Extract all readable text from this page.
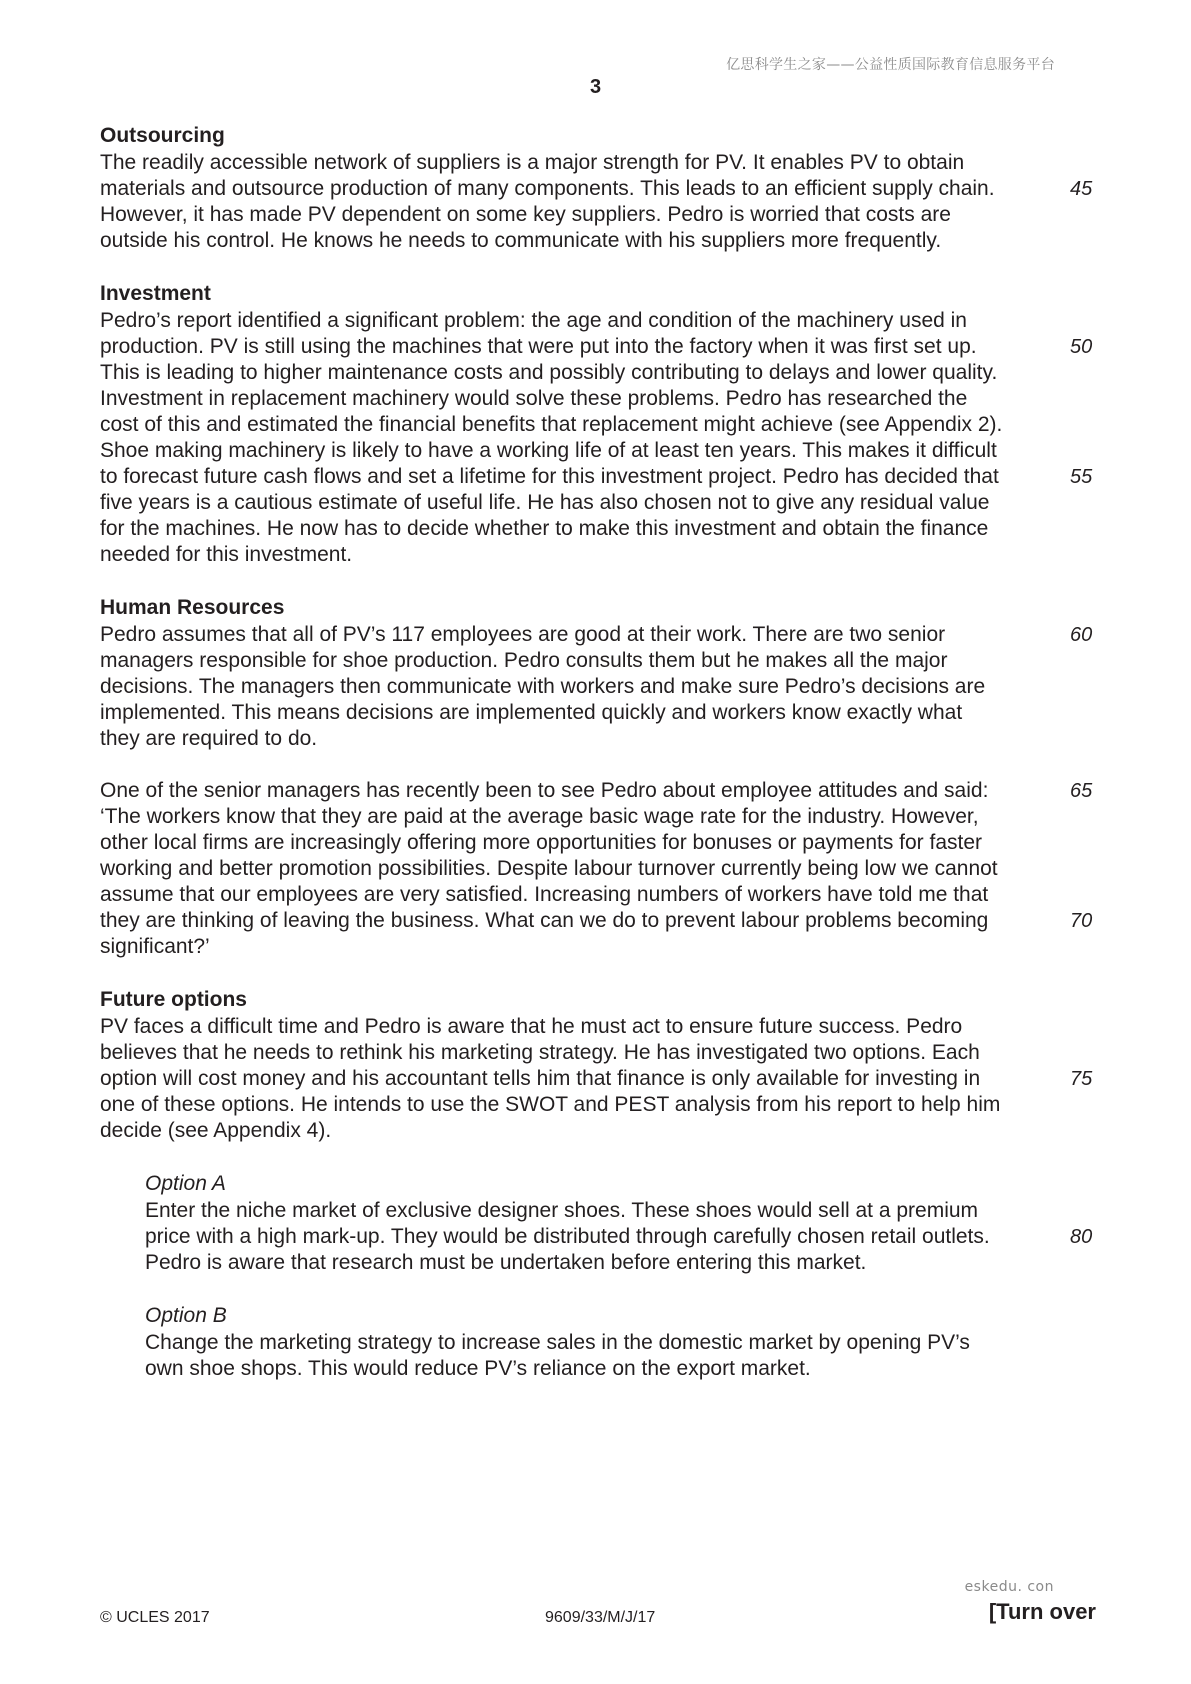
亿思科学生之家——公益性质国际教育信息服务平台
3
Outsourcing

The readily accessible network of suppliers is a major strength for PV. It enables PV to obtain
materials and outsource production of many components. This leads to an efficient supply chain.	45
However, it has made PV dependent on some key suppliers. Pedro is worried that costs are
outside his control. He knows he needs to communicate with his suppliers more frequently.

Investment

Pedro’s report identified a significant problem: the age and condition of the machinery used in
production. PV is still using the machines that were put into the factory when it was first set up.	50
This is leading to higher maintenance costs and possibly contributing to delays and lower quality.
Investment in replacement machinery would solve these problems. Pedro has researched the
cost of this and estimated the financial benefits that replacement might achieve (see Appendix 2).
Shoe making machinery is likely to have a working life of at least ten years. This makes it difficult
to forecast future cash flows and set a lifetime for this investment project. Pedro has decided that	55
five years is a cautious estimate of useful life. He has also chosen not to give any residual value
for the machines. He now has to decide whether to make this investment and obtain the finance
needed for this investment.

Human Resources

Pedro assumes that all of PV’s 117 employees are good at their work. There are two senior	60
managers responsible for shoe production. Pedro consults them but he makes all the major
decisions. The managers then communicate with workers and make sure Pedro’s decisions are
implemented. This means decisions are implemented quickly and workers know exactly what
they are required to do.

One of the senior managers has recently been to see Pedro about employee attitudes and said:	65
‘The workers know that they are paid at the average basic wage rate for the industry. However,
other local firms are increasingly offering more opportunities for bonuses or payments for faster
working and better promotion possibilities. Despite labour turnover currently being low we cannot
assume that our employees are very satisfied. Increasing numbers of workers have told me that
they are thinking of leaving the business. What can we do to prevent labour problems becoming	70
significant?’

Future options

PV faces a difficult time and Pedro is aware that he must act to ensure future success. Pedro
believes that he needs to rethink his marketing strategy. He has investigated two options. Each
option will cost money and his accountant tells him that finance is only available for investing in	75
one of these options. He intends to use the SWOT and PEST analysis from his report to help him
decide (see Appendix 4).

Option A

Enter the niche market of exclusive designer shoes. These shoes would sell at a premium
price with a high mark-up. They would be distributed through carefully chosen retail outlets.	80
Pedro is aware that research must be undertaken before entering this market.

Option B

Change the marketing strategy to increase sales in the domestic market by opening PV’s
own shoe shops. This would reduce PV’s reliance on the export market.

eskedu. con
© UCLES 2017	9609/33/M/J/17	[Turn over
